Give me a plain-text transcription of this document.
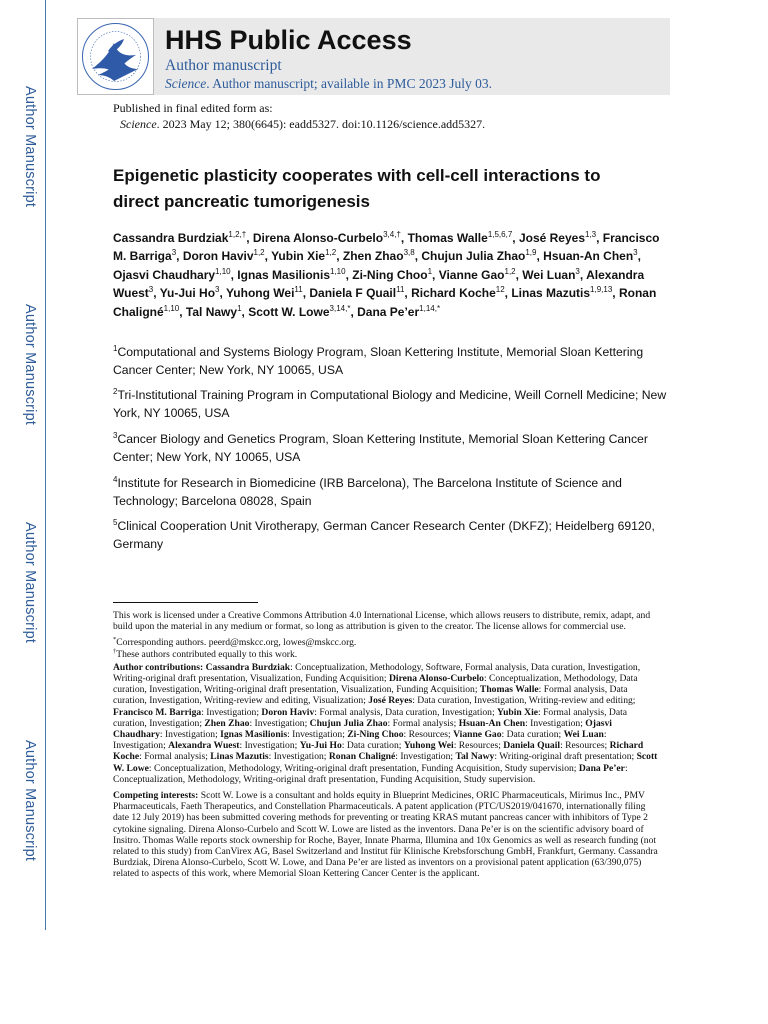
Author Manuscript
Author Manuscript
Author Manuscript
Author Manuscript
HHS Public Access
Author manuscript
Science. Author manuscript; available in PMC 2023 July 03.
Published in final edited form as:
Science. 2023 May 12; 380(6645): eadd5327. doi:10.1126/science.add5327.
Epigenetic plasticity cooperates with cell-cell interactions to
direct pancreatic tumorigenesis
Cassandra Burdziak$^{1,2,\dagger}$, Direna Alonso-Curbelo$^{3,4,\dagger}$, Thomas Walle$^{1,5,6,7}$, José Reyes$^{1,3}$, Francisco M. Barriga$^3$, Doron Haviv$^{1,2}$, Yubin Xie$^{1,2}$, Zhen Zhao$^{3,8}$, Chujun Julia Zhao$^{1,9}$, Hsuan-An Chen$^3$, Ojasvi Chaudhary$^{1,10}$, Ignas Masilionis$^{1,10}$, Zi-Ning Choo$^1$, Vianne Gao$^{1,2}$, Wei Luan$^3$, Alexandra Wuest$^3$, Yu-Jui Ho$^3$, Yuhong Wei$^{11}$, Daniela F Quail$^{11}$, Richard Koche$^{12}$, Linas Mazutis$^{1,9,13}$, Ronan Chaligné$^{1,10}$, Tal Nawy$^1$, Scott W. Lowe$^{3,14,*}$, Dana $Pe’er^{1,14,*}$
$^1$Computational and Systems Biology Program, Sloan Kettering Institute, Memorial Sloan Kettering Cancer Center; New York, NY 10065, USA
$^2$Tri-Institutional Training Program in Computational Biology and Medicine, Weill Cornell Medicine; New York, NY 10065, USA
$^3$Cancer Biology and Genetics Program, Sloan Kettering Institute, Memorial Sloan Kettering Cancer Center; New York, NY 10065, USA
$^4$Institute for Research in Biomedicine (IRB Barcelona), The Barcelona Institute of Science and Technology; Barcelona 08028, Spain
$^5$Clinical Cooperation Unit Virotherapy, German Cancer Research Center (DKFZ); Heidelberg 69120, Germany

This work is licensed under a Creative Commons Attribution 4.0 International License, which allows reusers to distribute, remix, adapt, and build upon the material in any medium or format, so long as attribution is given to the creator. The license allows for commercial use.

*Corresponding authors. peerd@mskcc.org, lowes@mskcc.org.
†These authors contributed equally to this work.

Author contributions: Cassandra Burdziak: Conceptualization, Methodology, Software, Formal analysis, Data curation, Investigation, Writing-original draft presentation, Visualization, Funding Acquisition; Direna Alonso-Curbelo: Conceptualization, Methodology, Data curation, Investigation, Writing-original draft presentation, Visualization, Funding Acquisition; Thomas Walle: Formal analysis, Data curation, Investigation, Writing-review and editing, Visualization; José Reyes: Data curation, Investigation, Writing-review and editing; Francisco M. Barriga: Investigation; Doron Haviv: Formal analysis, Data curation, Investigation; Yubin Xie: Formal analysis, Data curation, Investigation; Zhen Zhao: Investigation; Chujun Julia Zhao: Formal analysis; Hsuan-An Chen: Investigation; Ojasvi Chaudhary: Investigation; Ignas Masilionis: Investigation; Zi-Ning Choo: Resources; Vianne Gao: Data curation; Wei Luan: Investigation; Alexandra Wuest: Investigation; Yu-Jui Ho: Data curation; Yuhong Wei: Resources; Daniela Quail: Resources; Richard Koche: Formal analysis; Linas Mazutis: Investigation; Ronan Chaligné: Investigation; Tal Nawy: Writing-original draft presentation; Scott W. Lowe: Conceptualization, Methodology, Writing-original draft presentation, Funding Acquisition, Study supervision; Dana Pe’er: Conceptualization, Methodology, Writing-original draft presentation, Funding Acquisition, Study supervision.

Competing interests: Scott W. Lowe is a consultant and holds equity in Blueprint Medicines, ORIC Pharmaceuticals, Mirimus Inc., PMV Pharmaceuticals, Faeth Therapeutics, and Constellation Pharmaceuticals. A patent application (PTC/US2019/041670, internationally filing date 12 July 2019) has been submitted covering methods for preventing or treating KRAS mutant pancreas cancer with inhibitors of Type 2 cytokine signaling. Direna Alonso-Curbelo and Scott W. Lowe are listed as the inventors. Dana Pe’er is on the scientific advisory board of Insitro. Thomas Walle reports stock ownership for Roche, Bayer, Innate Pharma, Illumina and 10x Genomics as well as research funding (not related to this study) from CanVirex AG, Basel Switzerland and Institut für Klinische Krebsforschung GmbH, Frankfurt, Germany. Cassandra Burdziak, Direna Alonso-Curbelo, Scott W. Lowe, and Dana Pe’er are listed as inventors on a provisional patent application (63/390,075) related to aspects of this work, where Memorial Sloan Kettering Cancer Center is the applicant.
